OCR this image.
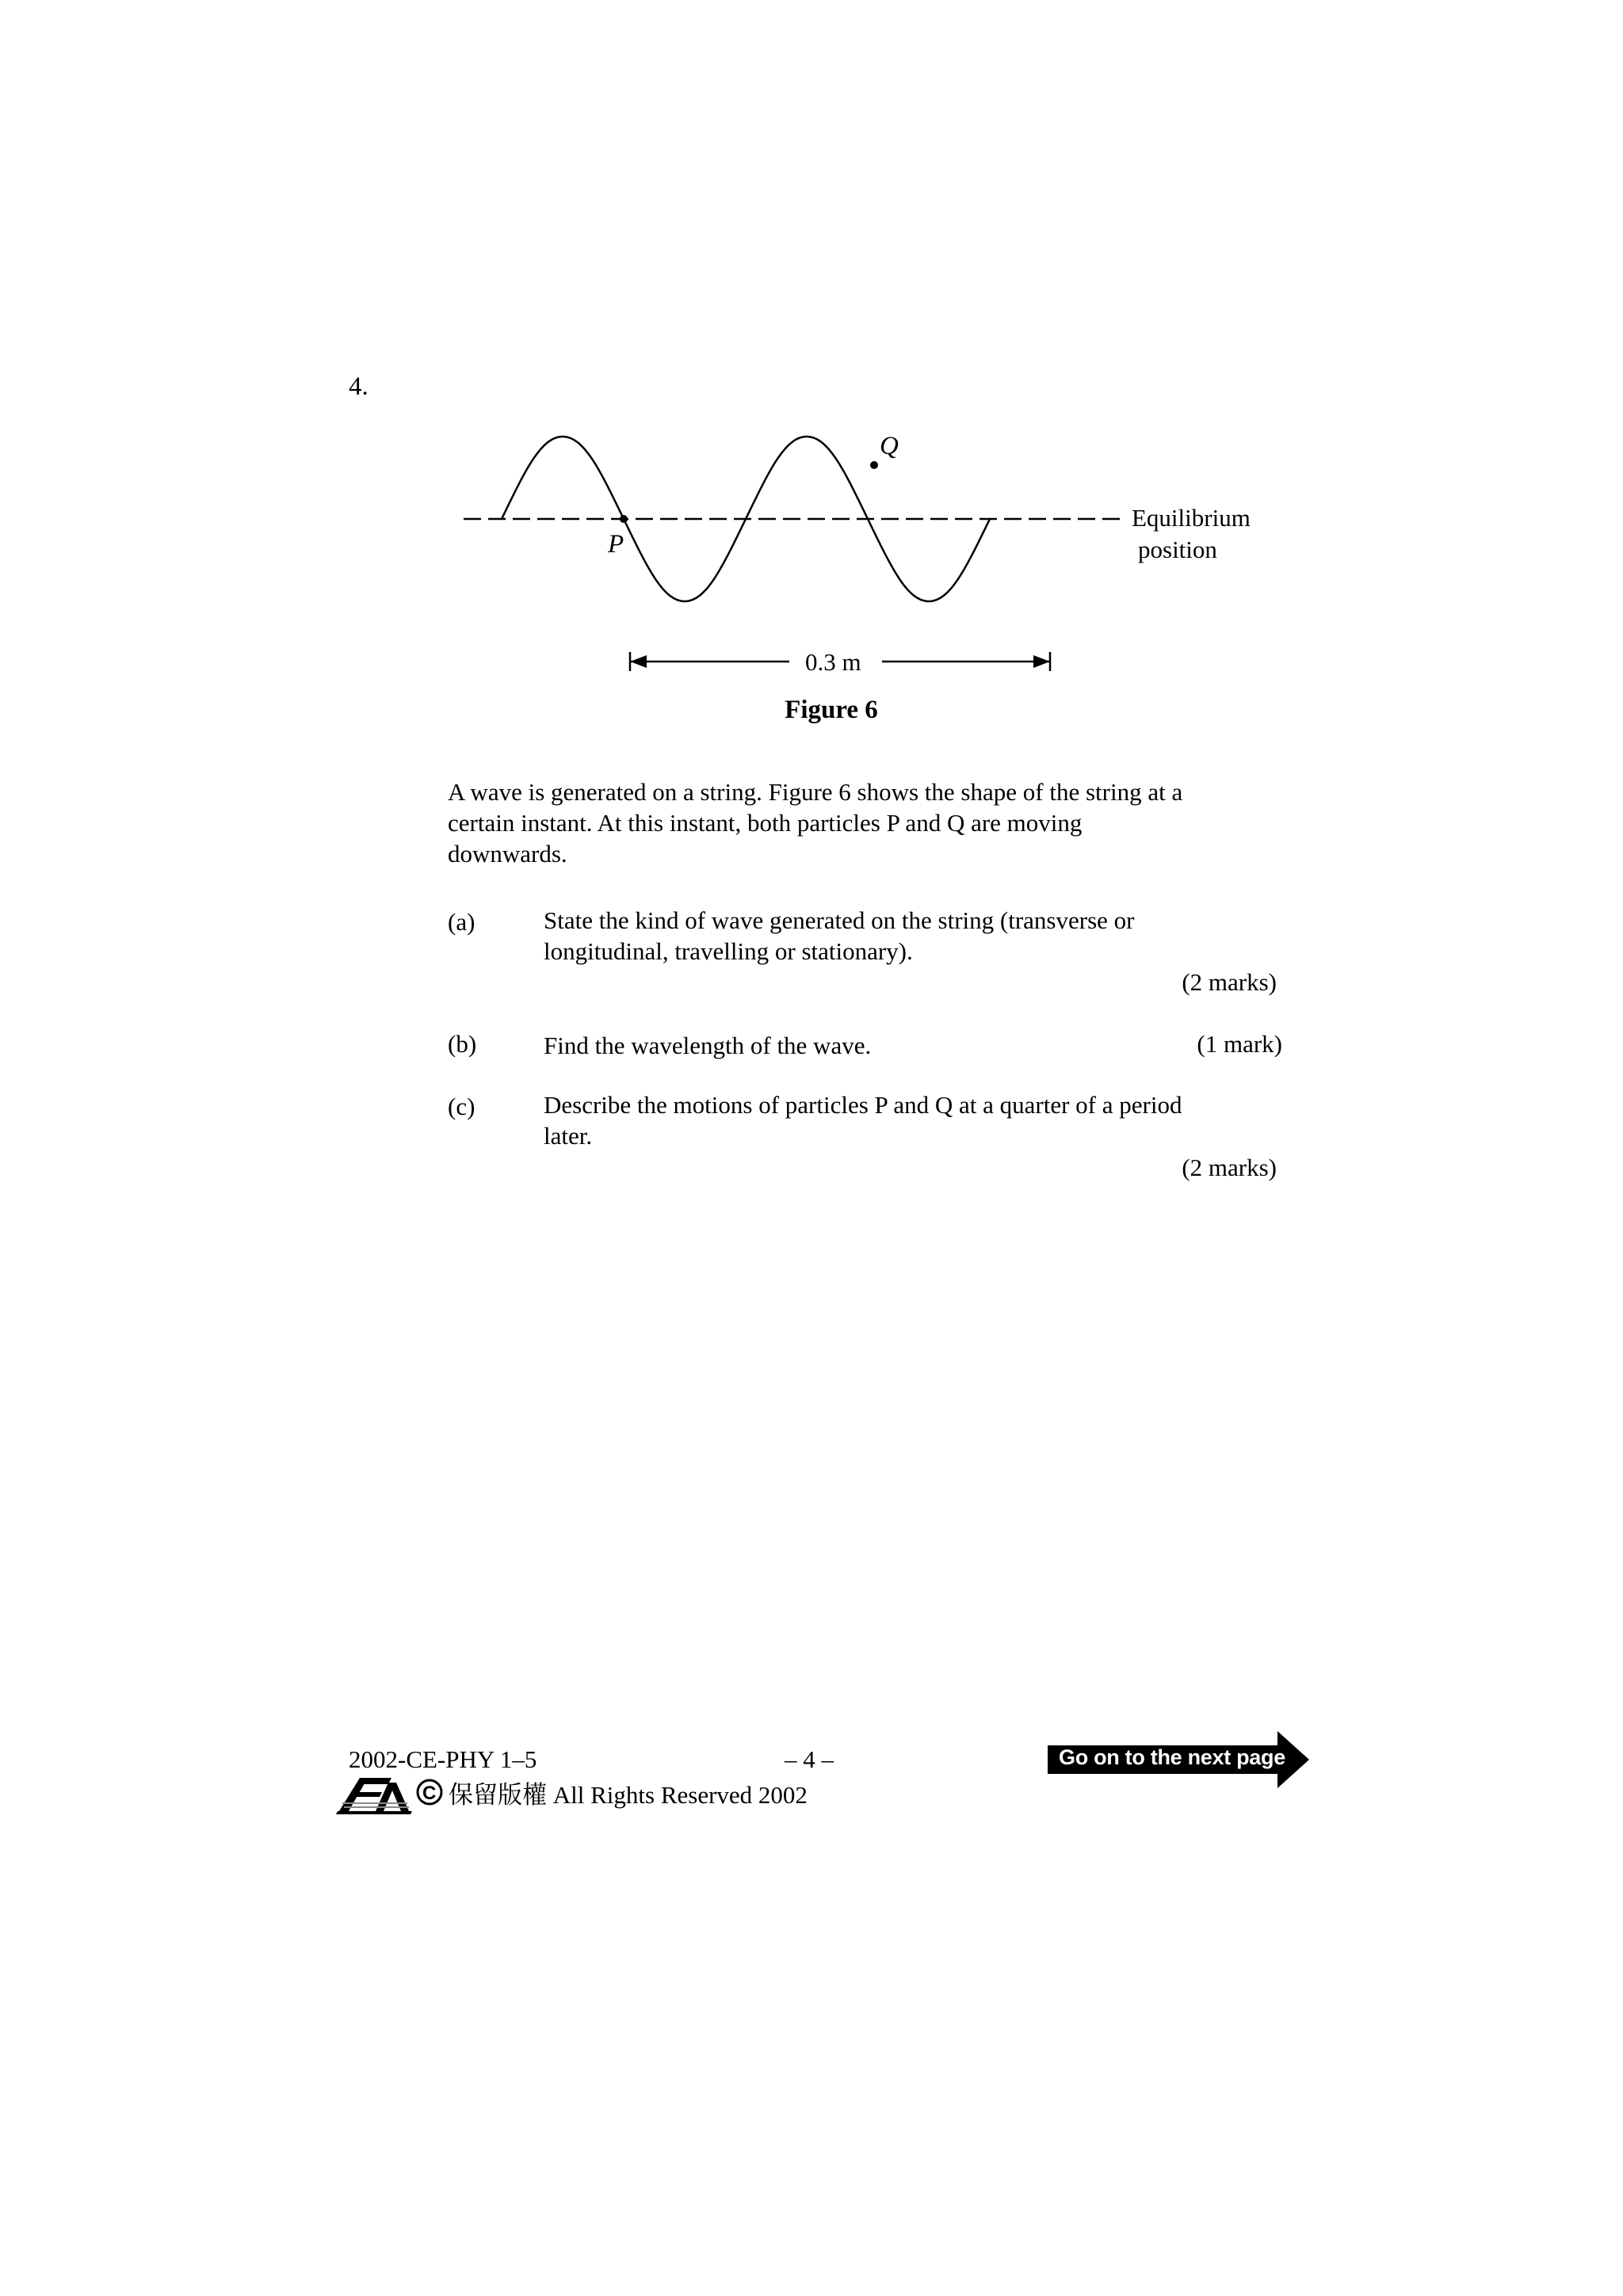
4.
P
Q
Equilibrium
position
0.3 m
Figure 6
A wave is generated on a string. Figure 6 shows the shape of the string at a
certain instant. At this instant, both particles P and Q are moving
downwards.
(a)	State the kind of wave generated on the string (transverse or
longitudinal, travelling or stationary).
(2 marks)
(b)	Find the wavelength of the wave.	(1 mark)
(c)	Describe the motions of particles P and Q at a quarter of a period
later.
(2 marks)
2002-CE-PHY 1–5	– 4 –
C 保留版權 All Rights Reserved 2002
Go on to the next page
